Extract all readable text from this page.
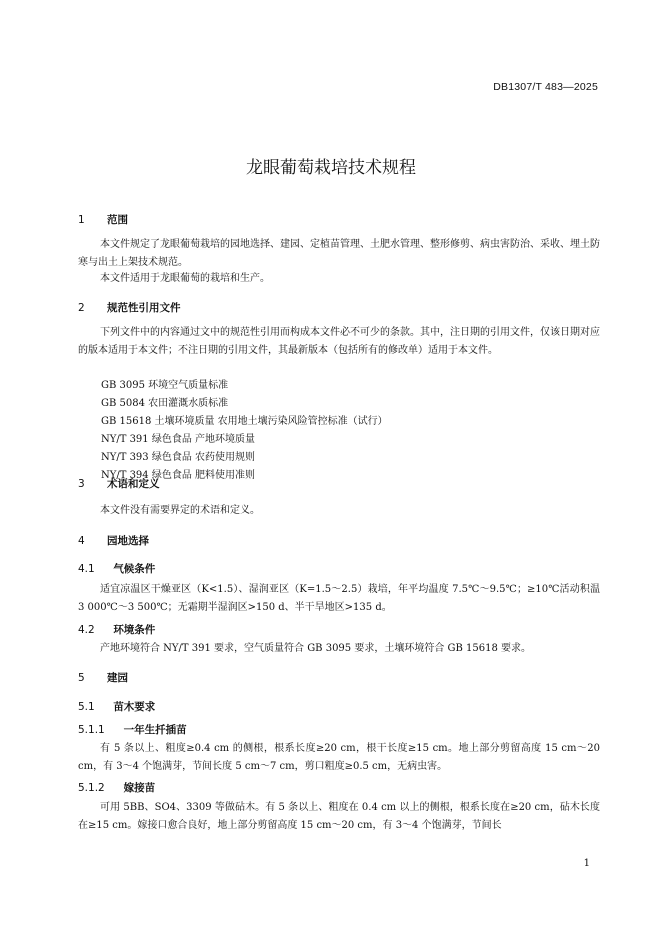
DB1307/T 483—2025
龙眼葡萄栽培技术规程
1 范围
本文件规定了龙眼葡萄栽培的园地选择、建园、定植苗管理、土肥水管理、整形修剪、病虫害防治、采收、埋土防寒与出土上架技术规范。
本文件适用于龙眼葡萄的栽培和生产。
2 规范性引用文件
下列文件中的内容通过文中的规范性引用而构成本文件必不可少的条款。其中，注日期的引用文件，仅该日期对应的版本适用于本文件；不注日期的引用文件，其最新版本（包括所有的修改单）适用于本文件。
GB 3095 环境空气质量标准
GB 5084 农田灌溉水质标准
GB 15618 土壤环境质量 农用地土壤污染风险管控标准（试行）
NY/T 391 绿色食品 产地环境质量
NY/T 393 绿色食品 农药使用规则
NY/T 394 绿色食品 肥料使用准则
3 术语和定义
本文件没有需要界定的术语和定义。
4 园地选择
4.1 气候条件
适宜凉温区干燥亚区（K<1.5）、湿润亚区（K=1.5～2.5）栽培，年平均温度 7.5℃～9.5℃；≥10℃活动积温 3 000℃～3 500℃；无霜期半湿润区>150 d、半干旱地区>135 d。
4.2 环境条件
产地环境符合 NY/T 391 要求，空气质量符合 GB 3095 要求，土壤环境符合 GB 15618 要求。
5 建园
5.1 苗木要求
5.1.1 一年生扦插苗
有 5 条以上、粗度≥0.4 cm 的侧根，根系长度≥20 cm，根干长度≥15 cm。地上部分剪留高度 15 cm～20 cm，有 3～4 个饱满芽，节间长度 5 cm～7 cm，剪口粗度≥0.5 cm，无病虫害。
5.1.2 嫁接苗
可用 5BB、SO4、3309 等做砧木。有 5 条以上、粗度在 0.4 cm 以上的侧根，根系长度在≥20 cm，砧木长度在≥15 cm。嫁接口愈合良好，地上部分剪留高度 15 cm～20 cm，有 3～4 个饱满芽，节间长
1
